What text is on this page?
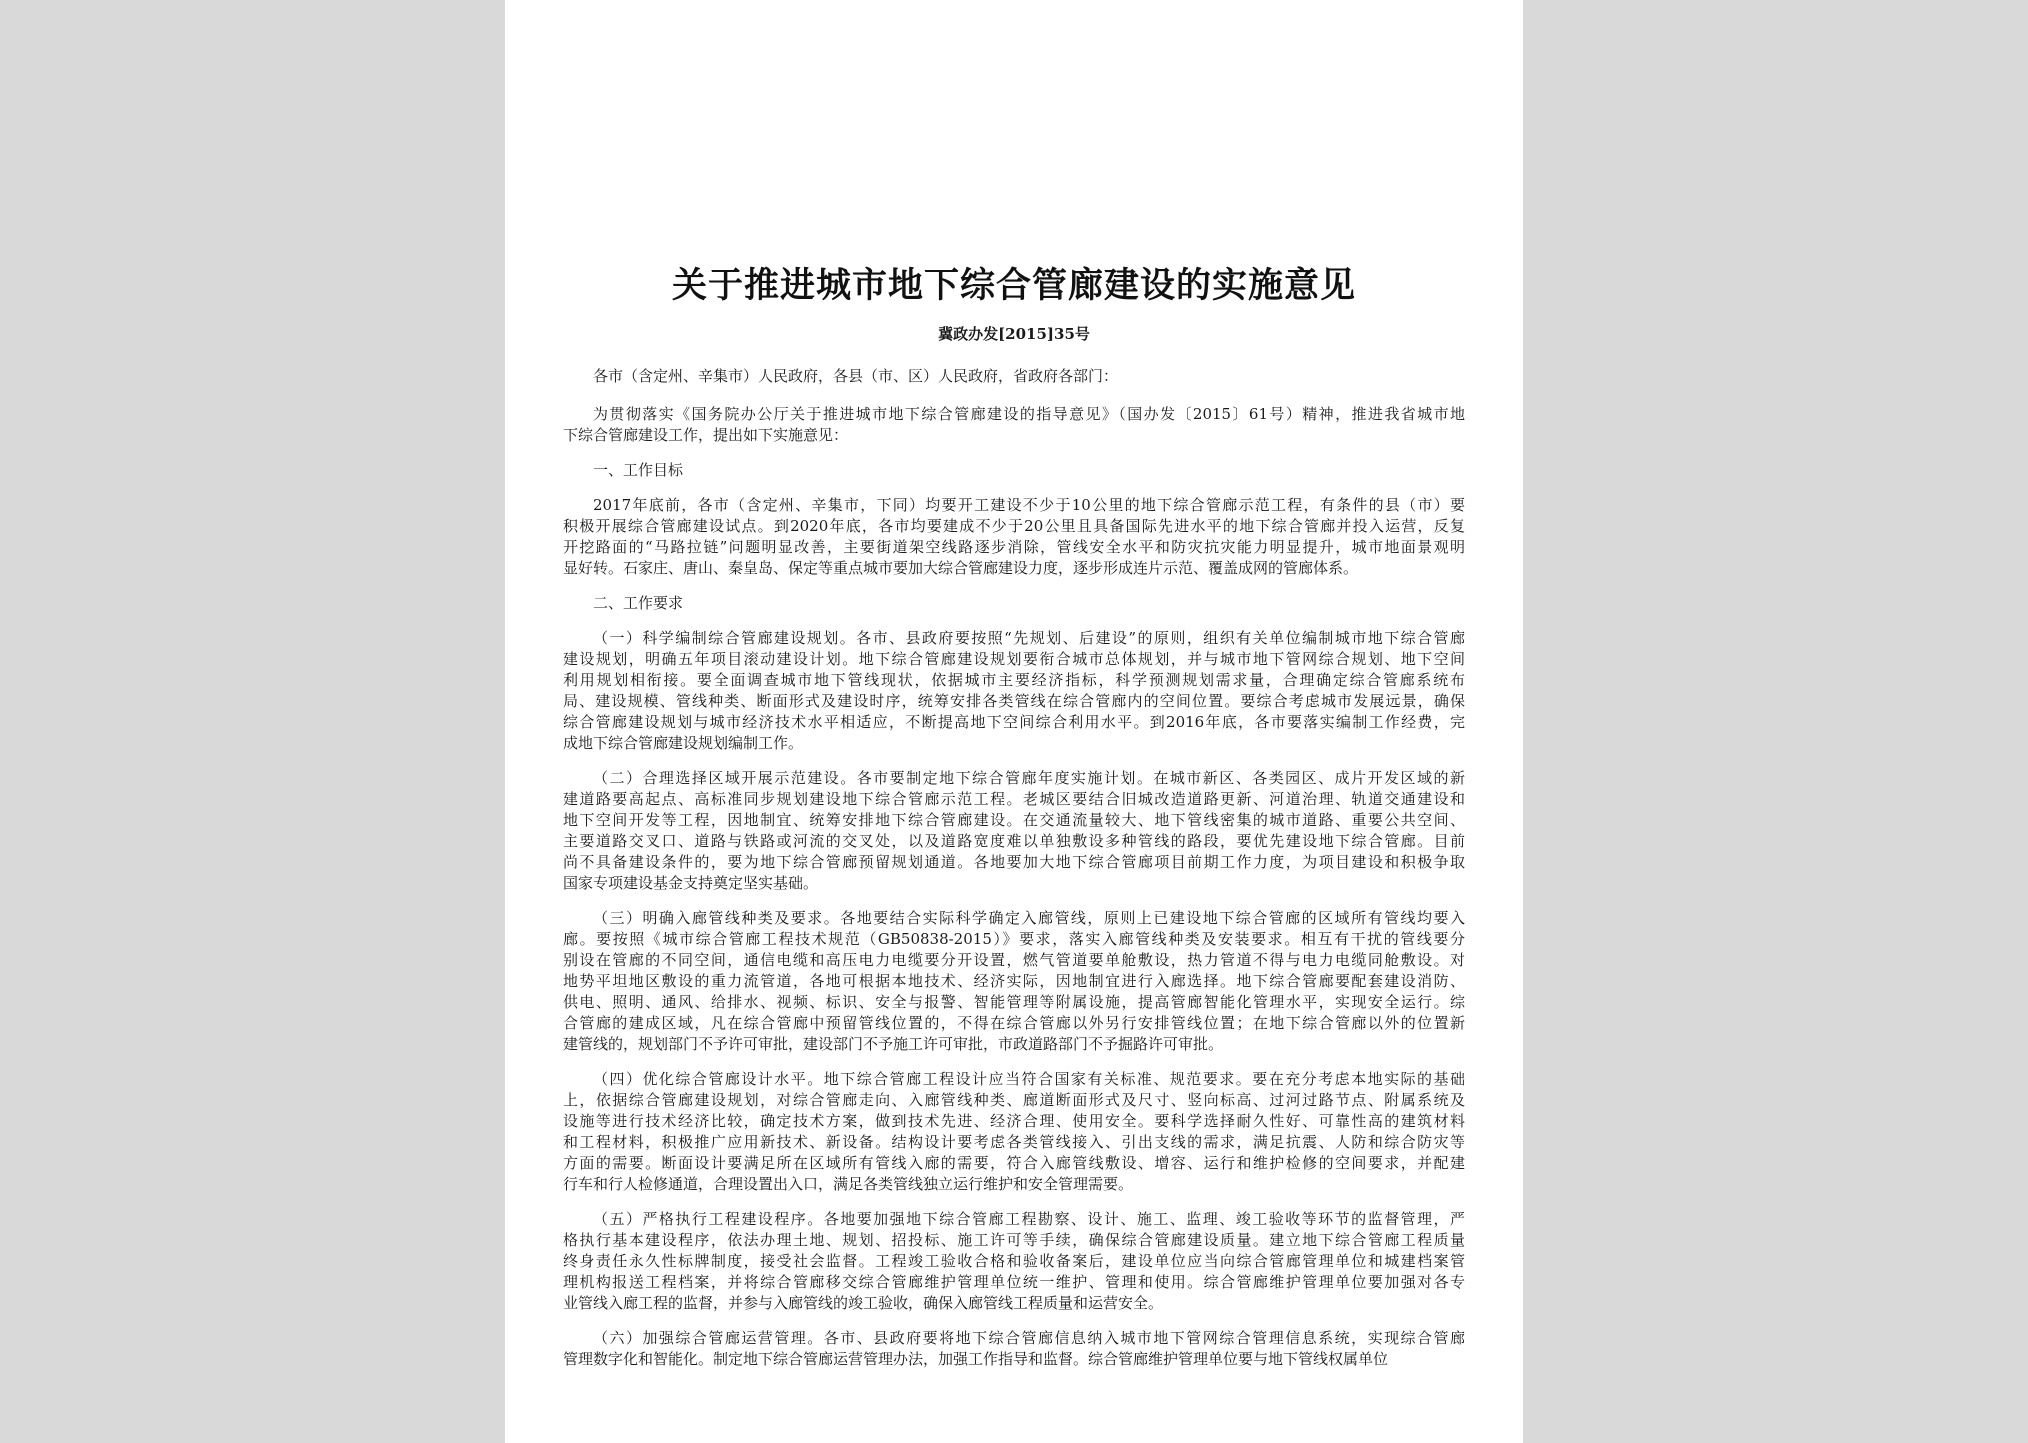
关于推进城市地下综合管廊建设的实施意见
冀政办发[2015]35号

各市（含定州、辛集市）人民政府，各县（市、区）人民政府，省政府各部门：

为贯彻落实《国务院办公厅关于推进城市地下综合管廊建设的指导意见》（国办发〔2015〕61号）精神，推进我省城市地
下综合管廊建设工作，提出如下实施意见：
一、工作目标
2017年底前，各市（含定州、辛集市，下同）均要开工建设不少于10公里的地下综合管廊示范工程，有条件的县（市）要
积极开展综合管廊建设试点。到2020年底，各市均要建成不少于20公里且具备国际先进水平的地下综合管廊并投入运营，反复
开挖路面的“马路拉链”问题明显改善，主要街道架空线路逐步消除，管线安全水平和防灾抗灾能力明显提升，城市地面景观明
显好转。石家庄、唐山、秦皇岛、保定等重点城市要加大综合管廊建设力度，逐步形成连片示范、覆盖成网的管廊体系。
二、工作要求
（一）科学编制综合管廊建设规划。各市、县政府要按照“先规划、后建设”的原则，组织有关单位编制城市地下综合管廊
建设规划，明确五年项目滚动建设计划。地下综合管廊建设规划要衔合城市总体规划，并与城市地下管网综合规划、地下空间
利用规划相衔接。要全面调查城市地下管线现状，依据城市主要经济指标，科学预测规划需求量，合理确定综合管廊系统布
局、建设规模、管线种类、断面形式及建设时序，统筹安排各类管线在综合管廊内的空间位置。要综合考虑城市发展远景，确保
综合管廊建设规划与城市经济技术水平相适应，不断提高地下空间综合利用水平。到2016年底，各市要落实编制工作经费，完
成地下综合管廊建设规划编制工作。
（二）合理选择区域开展示范建设。各市要制定地下综合管廊年度实施计划。在城市新区、各类园区、成片开发区域的新
建道路要高起点、高标准同步规划建设地下综合管廊示范工程。老城区要结合旧城改造道路更新、河道治理、轨道交通建设和
地下空间开发等工程，因地制宜、统筹安排地下综合管廊建设。在交通流量较大、地下管线密集的城市道路、重要公共空间、
主要道路交叉口、道路与铁路或河流的交叉处，以及道路宽度难以单独敷设多种管线的路段，要优先建设地下综合管廊。目前
尚不具备建设条件的，要为地下综合管廊预留规划通道。各地要加大地下综合管廊项目前期工作力度，为项目建设和积极争取
国家专项建设基金支持奠定坚实基础。
（三）明确入廊管线种类及要求。各地要结合实际科学确定入廊管线，原则上已建设地下综合管廊的区域所有管线均要入
廊。要按照《城市综合管廊工程技术规范（GB50838-2015）》要求，落实入廊管线种类及安装要求。相互有干扰的管线要分
别设在管廊的不同空间，通信电缆和高压电力电缆要分开设置，燃气管道要单舱敷设，热力管道不得与电力电缆同舱敷设。对
地势平坦地区敷设的重力流管道，各地可根据本地技术、经济实际，因地制宜进行入廊选择。地下综合管廊要配套建设消防、
供电、照明、通风、给排水、视频、标识、安全与报警、智能管理等附属设施，提高管廊智能化管理水平，实现安全运行。综
合管廊的建成区域，凡在综合管廊中预留管线位置的，不得在综合管廊以外另行安排管线位置；在地下综合管廊以外的位置新
建管线的，规划部门不予许可审批，建设部门不予施工许可审批，市政道路部门不予掘路许可审批。
（四）优化综合管廊设计水平。地下综合管廊工程设计应当符合国家有关标准、规范要求。要在充分考虑本地实际的基础
上，依据综合管廊建设规划，对综合管廊走向、入廊管线种类、廊道断面形式及尺寸、竖向标高、过河过路节点、附属系统及
设施等进行技术经济比较，确定技术方案，做到技术先进、经济合理、使用安全。要科学选择耐久性好、可靠性高的建筑材料
和工程材料，积极推广应用新技术、新设备。结构设计要考虑各类管线接入、引出支线的需求，满足抗震、人防和综合防灾等
方面的需要。断面设计要满足所在区域所有管线入廊的需要，符合入廊管线敷设、增容、运行和维护检修的空间要求，并配建
行车和行人检修通道，合理设置出入口，满足各类管线独立运行维护和安全管理需要。
（五）严格执行工程建设程序。各地要加强地下综合管廊工程勘察、设计、施工、监理、竣工验收等环节的监督管理，严
格执行基本建设程序，依法办理土地、规划、招投标、施工许可等手续，确保综合管廊建设质量。建立地下综合管廊工程质量
终身责任永久性标牌制度，接受社会监督。工程竣工验收合格和验收备案后，建设单位应当向综合管廊管理单位和城建档案管
理机构报送工程档案，并将综合管廊移交综合管廊维护管理单位统一维护、管理和使用。综合管廊维护管理单位要加强对各专
业管线入廊工程的监督，并参与入廊管线的竣工验收，确保入廊管线工程质量和运营安全。
（六）加强综合管廊运营管理。各市、县政府要将地下综合管廊信息纳入城市地下管网综合管理信息系统，实现综合管廊
管理数字化和智能化。制定地下综合管廊运营管理办法，加强工作指导和监督。综合管廊维护管理单位要与地下管线权属单位
